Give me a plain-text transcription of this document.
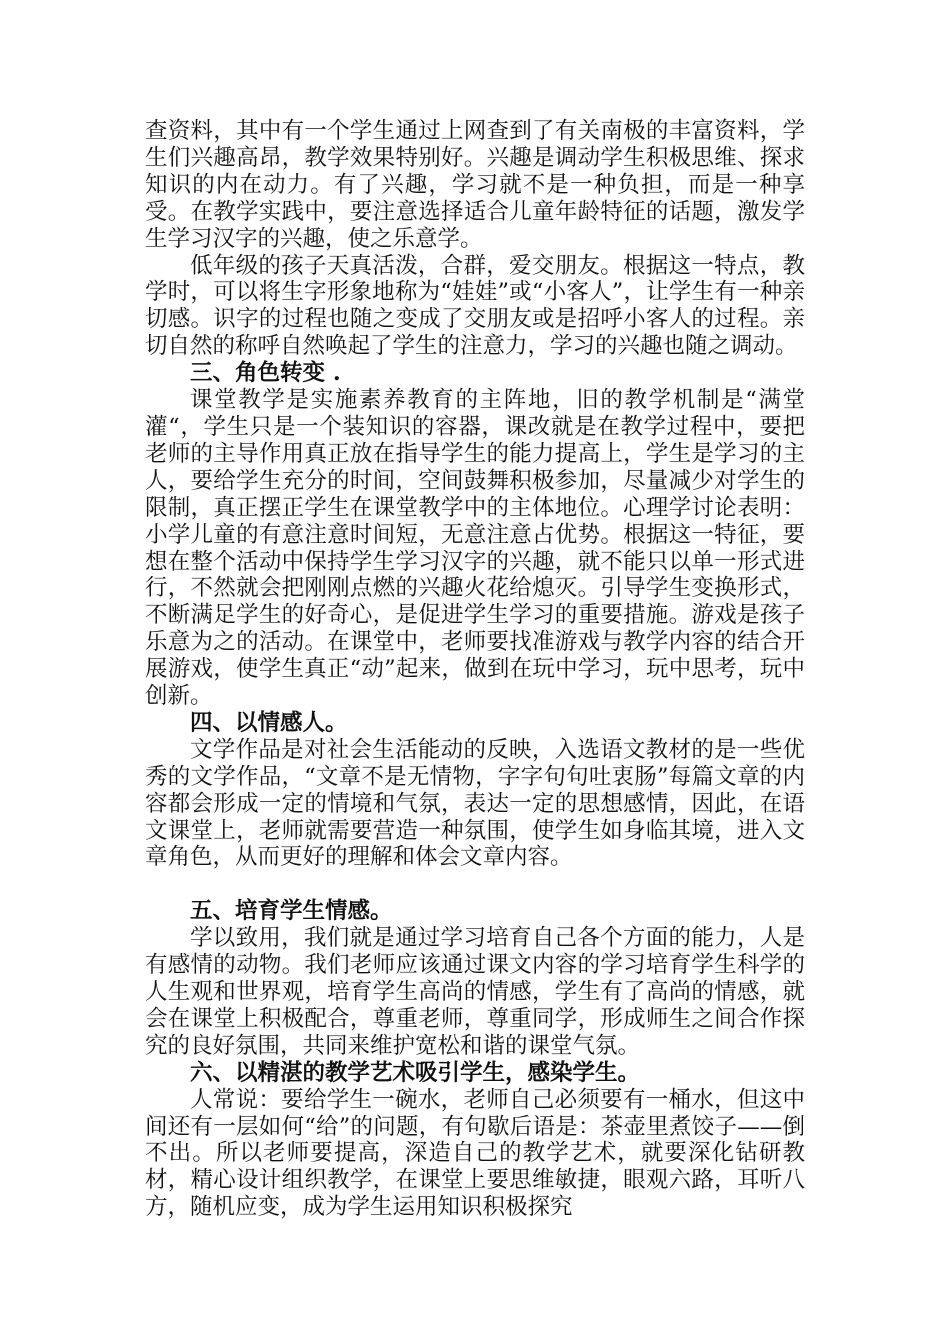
查资料，其中有一个学生通过上网查到了有关南极的丰富资料，学生们兴趣高昂，教学效果特别好。兴趣是调动学生积极思维、探求知识的内在动力。有了兴趣，学习就不是一种负担，而是一种享受。在教学实践中，要注意选择适合儿童年龄特征的话题，激发学生学习汉字的兴趣，使之乐意学。

低年级的孩子天真活泼，合群，爱交朋友。根据这一特点，教学时，可以将生字形象地称为“娃娃”或“小客人”，让学生有一种亲切感。识字的过程也随之变成了交朋友或是招呼小客人的过程。亲切自然的称呼自然唤起了学生的注意力，学习的兴趣也随之调动。

三、角色转变 .

课堂教学是实施素养教育的主阵地，旧的教学机制是“满堂灌“，学生只是一个装知识的容器，课改就是在教学过程中，要把老师的主导作用真正放在指导学生的能力提高上，学生是学习的主人，要给学生充分的时间，空间鼓舞积极参加，尽量减少对学生的限制，真正摆正学生在课堂教学中的主体地位。心理学讨论表明：小学儿童的有意注意时间短，无意注意占优势。根据这一特征，要想在整个活动中保持学生学习汉字的兴趣，就不能只以单一形式进行，不然就会把刚刚点燃的兴趣火花给熄灭。引导学生变换形式，不断满足学生的好奇心，是促进学生学习的重要措施。游戏是孩子乐意为之的活动。在课堂中，老师要找准游戏与教学内容的结合开展游戏，使学生真正“动”起来，做到在玩中学习，玩中思考，玩中创新。

四、以情感人。

文学作品是对社会生活能动的反映，入选语文教材的是一些优秀的文学作品，“文章不是无情物，字字句句吐衷肠”每篇文章的内容都会形成一定的情境和气氛，表达一定的思想感情，因此，在语文课堂上，老师就需要营造一种氛围，使学生如身临其境，进入文章角色，从而更好的理解和体会文章内容。

五、培育学生情感。

学以致用，我们就是通过学习培育自己各个方面的能力，人是有感情的动物。我们老师应该通过课文内容的学习培育学生科学的人生观和世界观，培育学生高尚的情感，学生有了高尚的情感，就会在课堂上积极配合，尊重老师，尊重同学，形成师生之间合作探究的良好氛围，共同来维护宽松和谐的课堂气氛。

六、以精湛的教学艺术吸引学生，感染学生。

人常说：要给学生一碗水，老师自己必须要有一桶水，但这中间还有一层如何“给”的问题，有句歇后语是：茶壶里煮饺子——倒不出。所以老师要提高，深造自己的教学艺术，就要深化钻研教材，精心设计组织教学，在课堂上要思维敏捷，眼观六路，耳听八方，随机应变，成为学生运用知识积极探究
